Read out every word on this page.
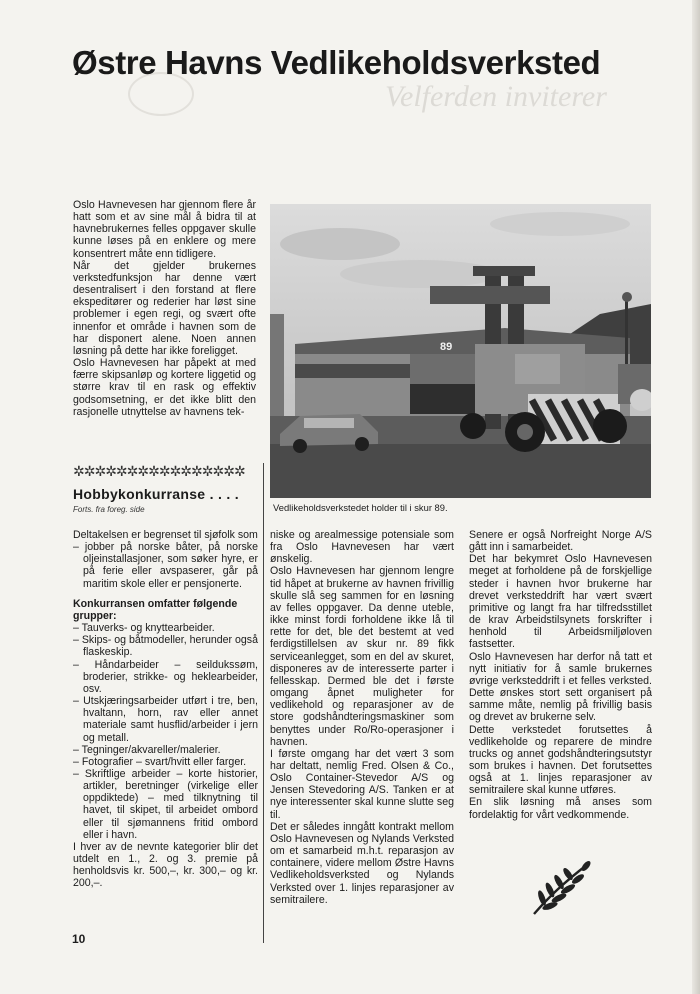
Velferden inviterer
Østre Havns Vedlikeholdsverksted

Oslo Havnevesen har gjennom flere år hatt som et av sine mål å bidra til at havnebrukernes felles oppgaver skulle kunne løses på en enklere og mere konsentrert måte enn tidligere.

Når det gjelder brukernes verkstedfunksjon har denne vært desentralisert i den forstand at flere ekspeditører og rederier har løst sine problemer i egen regi, og svært ofte innenfor et område i havnen som de har disponert alene. Noen annen løsning på dette har ikke foreligget.

Oslo Havnevesen har påpekt at med færre skipsanløp og kortere liggetid og større krav til en rask og effektiv godsomsetning, er det ikke blitt den rasjonelle utnyttelse av havnens tek-

✲✲✲✲✲✲✲✲✲✲✲✲✲✲✲✲
Hobbykonkurranse . . . .
Forts. fra foreg. side

Deltakelsen er begrenset til sjøfolk som

– jobber på norske båter, på norske oljeinstallasjoner, som søker hyre, er på ferie eller avspaserer, går på maritim skole eller er pensjonerte.

Konkurransen omfatter følgende grupper:

– Tauverks- og knyttearbeider.
– Skips- og båtmodeller, herunder også flaskeskip.
– Håndarbeider – seildukssøm, broderier, strikke- og heklearbeider, osv.
– Utskjæringsarbeider utført i tre, ben, hvaltann, horn, rav eller annet materiale samt husflid/arbeider i jern og metall.
– Tegninger/akvareller/malerier.
– Fotografier – svart/hvitt eller farger.
– Skriftlige arbeider – korte historier, artikler, beretninger (virkelige eller oppdiktede) – med tilknytning til havet, til skipet, til arbeidet ombord eller til sjømannens fritid ombord eller i havn.

I hver av de nevnte kategorier blir det utdelt en 1., 2. og 3. premie på henholdsvis kr. 500,–, kr. 300,– og kr. 200,–.

89
Vedlikeholdsverkstedet holder til i skur 89.

niske og arealmessige potensiale som fra Oslo Havnevesen har vært ønskelig.

Oslo Havnevesen har gjennom lengre tid håpet at brukerne av havnen frivillig skulle slå seg sammen for en løsning av felles oppgaver. Da denne uteble, ikke minst fordi forholdene ikke lå til rette for det, ble det bestemt at ved ferdigstillelsen av skur nr. 89 fikk serviceanlegget, som en del av skuret, disponeres av de interesserte parter i fellesskap. Dermed ble det i første omgang åpnet muligheter for vedlikehold og reparasjoner av de store godshåndteringsmaskiner som benyttes under Ro/Ro-operasjoner i havnen.

I første omgang har det vært 3 som har deltatt, nemlig Fred. Olsen & Co., Oslo Container-Stevedor A/S og Jensen Stevedoring A/S. Tanken er at nye interessenter skal kunne slutte seg til.

Det er således inngått kontrakt mellom Oslo Havnevesen og Nylands Verksted om et samarbeid m.h.t. reparasjon av containere, videre mellom Østre Havns Vedlikeholdsverksted og Nylands Verksted over 1. linjes reparasjoner av semitrailere.

Senere er også Norfreight Norge A/S gått inn i samarbeidet.

Det har bekymret Oslo Havnevesen meget at forholdene på de forskjellige steder i havnen hvor brukerne har drevet verksteddrift har vært svært primitive og langt fra har tilfredsstillet de krav Arbeidstilsynets forskrifter i henhold til Arbeidsmiljøloven fastsetter.

Oslo Havnevesen har derfor nå tatt et nytt initiativ for å samle brukernes øvrige verksteddrift i et felles verksted. Dette ønskes stort sett organisert på samme måte, nemlig på frivillig basis og drevet av brukerne selv.

Dette verkstedet forutsettes å vedlikeholde og reparere de mindre trucks og annet godshåndteringsutstyr som brukes i havnen. Det forutsettes også at 1. linjes reparasjoner av semitrailere skal kunne utføres.

En slik løsning må anses som fordelaktig for vårt vedkommende.

10
